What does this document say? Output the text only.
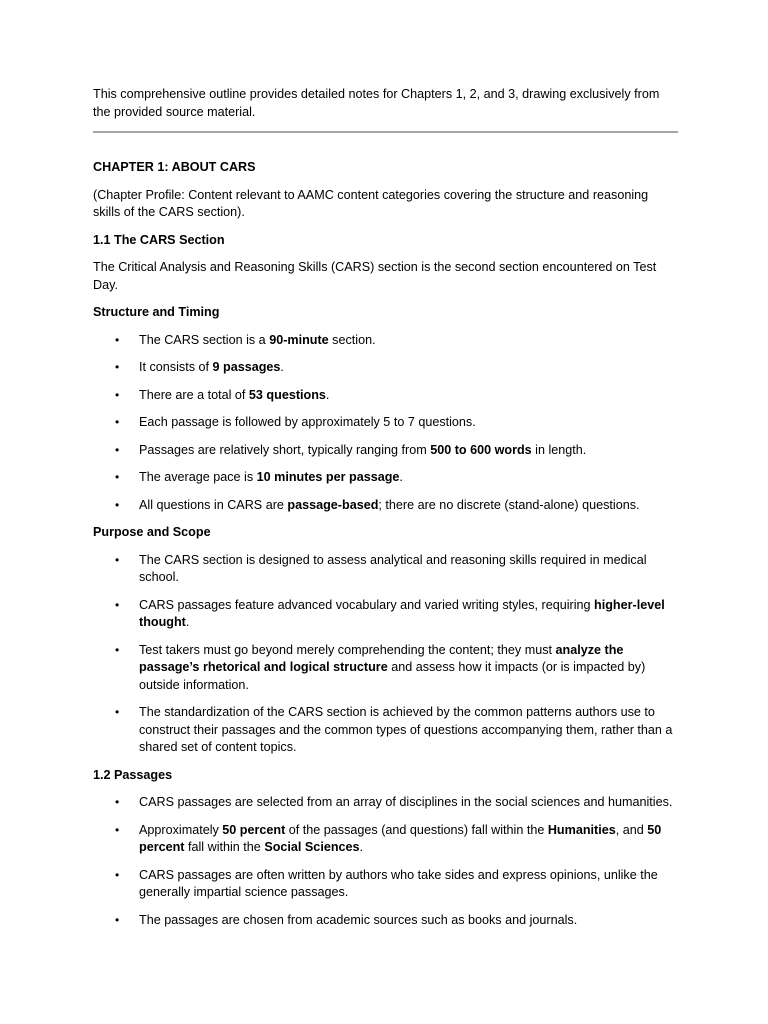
This comprehensive outline provides detailed notes for Chapters 1, 2, and 3, drawing exclusively from the provided source material.

CHAPTER 1: ABOUT CARS

(Chapter Profile: Content relevant to AAMC content categories covering the structure and reasoning skills of the CARS section).

1.1 The CARS Section

The Critical Analysis and Reasoning Skills (CARS) section is the second section encountered on Test Day.

Structure and Timing

• The CARS section is a 90-minute section.
• It consists of 9 passages.
• There are a total of 53 questions.
• Each passage is followed by approximately 5 to 7 questions.
• Passages are relatively short, typically ranging from 500 to 600 words in length.
• The average pace is 10 minutes per passage.
• All questions in CARS are passage-based; there are no discrete (stand-alone) questions.

Purpose and Scope

• The CARS section is designed to assess analytical and reasoning skills required in medical school.
• CARS passages feature advanced vocabulary and varied writing styles, requiring higher-level thought.
• Test takers must go beyond merely comprehending the content; they must analyze the passage’s rhetorical and logical structure and assess how it impacts (or is impacted by) outside information.
• The standardization of the CARS section is achieved by the common patterns authors use to construct their passages and the common types of questions accompanying them, rather than a shared set of content topics.

1.2 Passages

• CARS passages are selected from an array of disciplines in the social sciences and humanities.
• Approximately 50 percent of the passages (and questions) fall within the Humanities, and 50 percent fall within the Social Sciences.
• CARS passages are often written by authors who take sides and express opinions, unlike the generally impartial science passages.
• The passages are chosen from academic sources such as books and journals.
